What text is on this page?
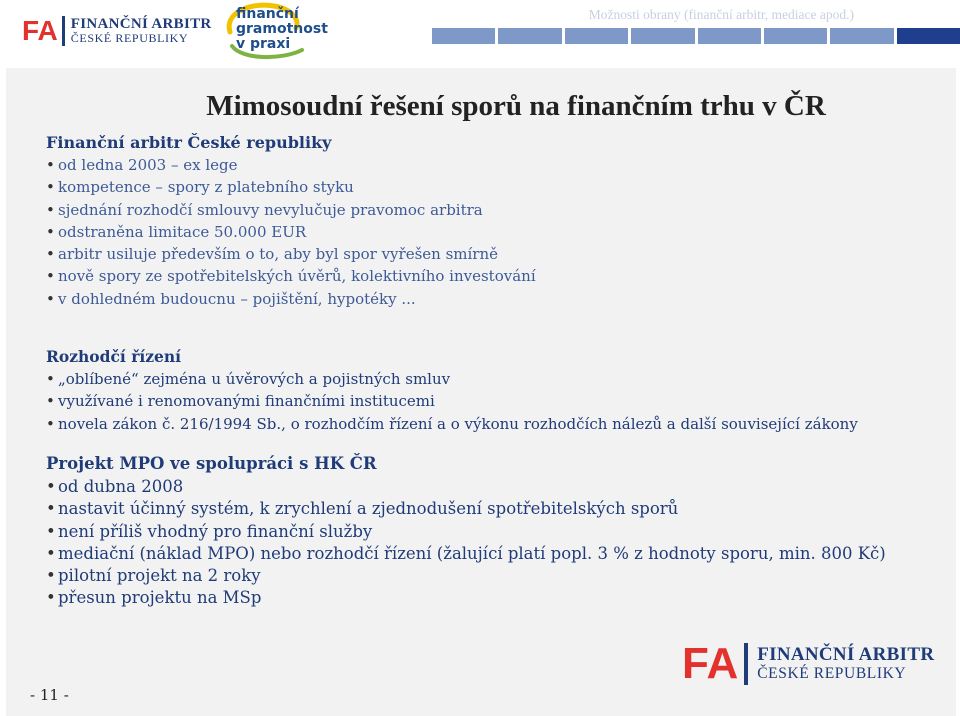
FA FINANČNÍ ARBITR
ČESKÉ REPUBLIKY
finanční
gramotnost
v praxi
Možnosti obrany (finanční arbitr, mediace apod.)
Mimosoudní řešení sporů na finančním trhu v ČR

Finanční arbitr České republiky

• od ledna 2003 – ex lege
• kompetence – spory z platebního styku
• sjednání rozhodčí smlouvy nevylučuje pravomoc arbitra
• odstraněna limitace 50.000 EUR
• arbitr usiluje především o to, aby byl spor vyřešen smírně
• nově spory ze spotřebitelských úvěrů, kolektivního investování
• v dohledném budoucnu – pojištění, hypotéky ...

Rozhodčí řízení

• „oblíbené“ zejména u úvěrových a pojistných smluv
• využívané i renomovanými finančními institucemi
• novela zákon č. 216/1994 Sb., o rozhodčím řízení a o výkonu rozhodčích nálezů a další související zákony

Projekt MPO ve spolupráci s HK ČR

• od dubna 2008
• nastavit účinný systém, k zrychlení a zjednodušení spotřebitelských sporů
• není příliš vhodný pro finanční služby
• mediační (náklad MPO) nebo rozhodčí řízení (žalující platí popl. 3 % z hodnoty sporu, min. 800 Kč)
• pilotní projekt na 2 roky
• přesun projektu na MSp
- 11 -
FA FINANČNÍ ARBITR
ČESKÉ REPUBLIKY
